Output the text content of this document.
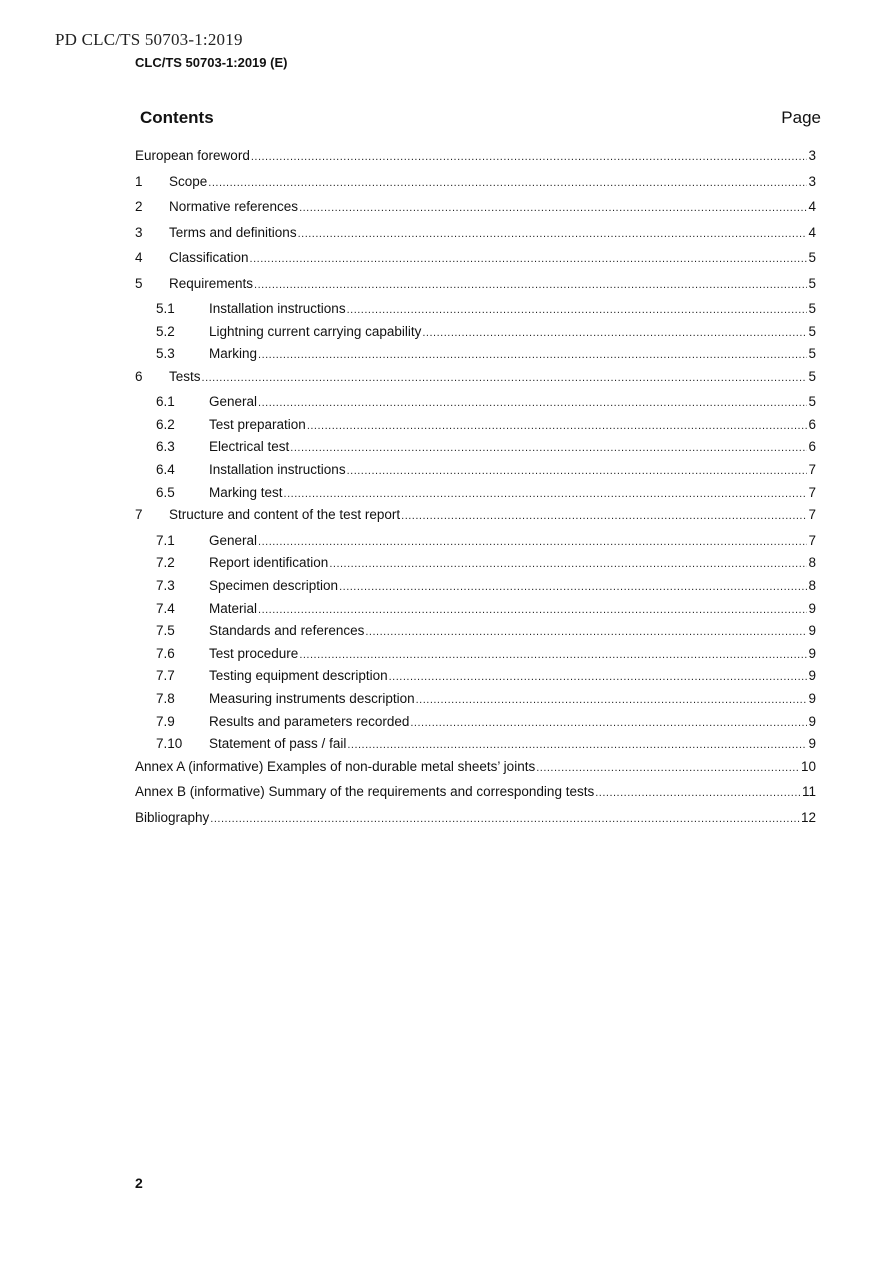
PD CLC/TS 50703-1:2019
CLC/TS 50703-1:2019 (E)
Contents	Page
European foreword .....	3
1	Scope .....	3
2	Normative references .....	4
3	Terms and definitions .....	4
4	Classification .....	5
5	Requirements .....	5
5.1	Installation instructions .....	5
5.2	Lightning current carrying capability .....	5
5.3	Marking .....	5
6	Tests .....	5
6.1	General .....	5
6.2	Test preparation .....	6
6.3	Electrical test .....	6
6.4	Installation instructions .....	7
6.5	Marking test .....	7
7	Structure and content of the test report .....	7
7.1	General .....	7
7.2	Report identification .....	8
7.3	Specimen description .....	8
7.4	Material .....	9
7.5	Standards and references .....	9
7.6	Test procedure .....	9
7.7	Testing equipment description .....	9
7.8	Measuring instruments description .....	9
7.9	Results and parameters recorded .....	9
7.10	Statement of pass / fail .....	9
Annex A (informative) Examples of non-durable metal sheets’ joints .....	10
Annex B (informative) Summary of the requirements and corresponding tests .....	11
Bibliography .....	12
2
